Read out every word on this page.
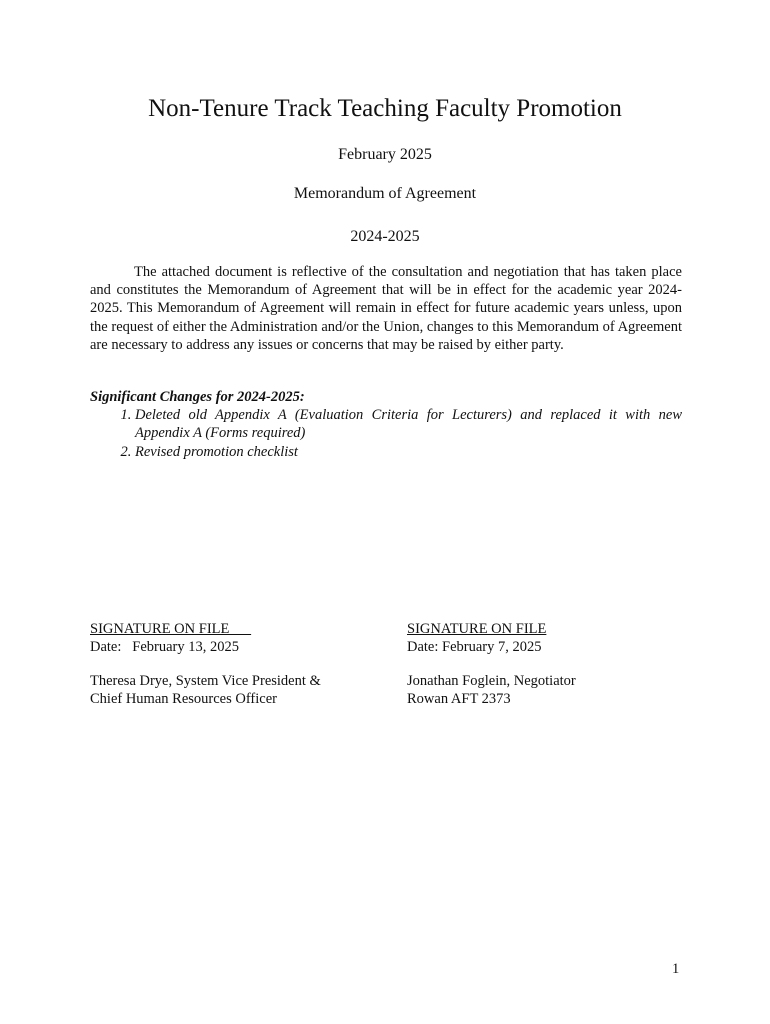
Non-Tenure Track Teaching Faculty Promotion
February 2025
Memorandum of Agreement
2024-2025

The attached document is reflective of the consultation and negotiation that has taken place and constitutes the Memorandum of Agreement that will be in effect for the academic year 2024-2025. This Memorandum of Agreement will remain in effect for future academic years unless, upon the request of either the Administration and/or the Union, changes to this Memorandum of Agreement are necessary to address any issues or concerns that may be raised by either party.

Significant Changes for 2024-2025:
1. Deleted old Appendix A (Evaluation Criteria for Lecturers) and replaced it with new Appendix A (Forms required)
2. Revised promotion checklist
SIGNATURE ON FILE
Date:   February 13, 2025
Theresa Drye, System Vice President &
Chief Human Resources Officer
SIGNATURE ON FILE
Date: February 7, 2025
Jonathan Foglein, Negotiator
Rowan AFT 2373
1
